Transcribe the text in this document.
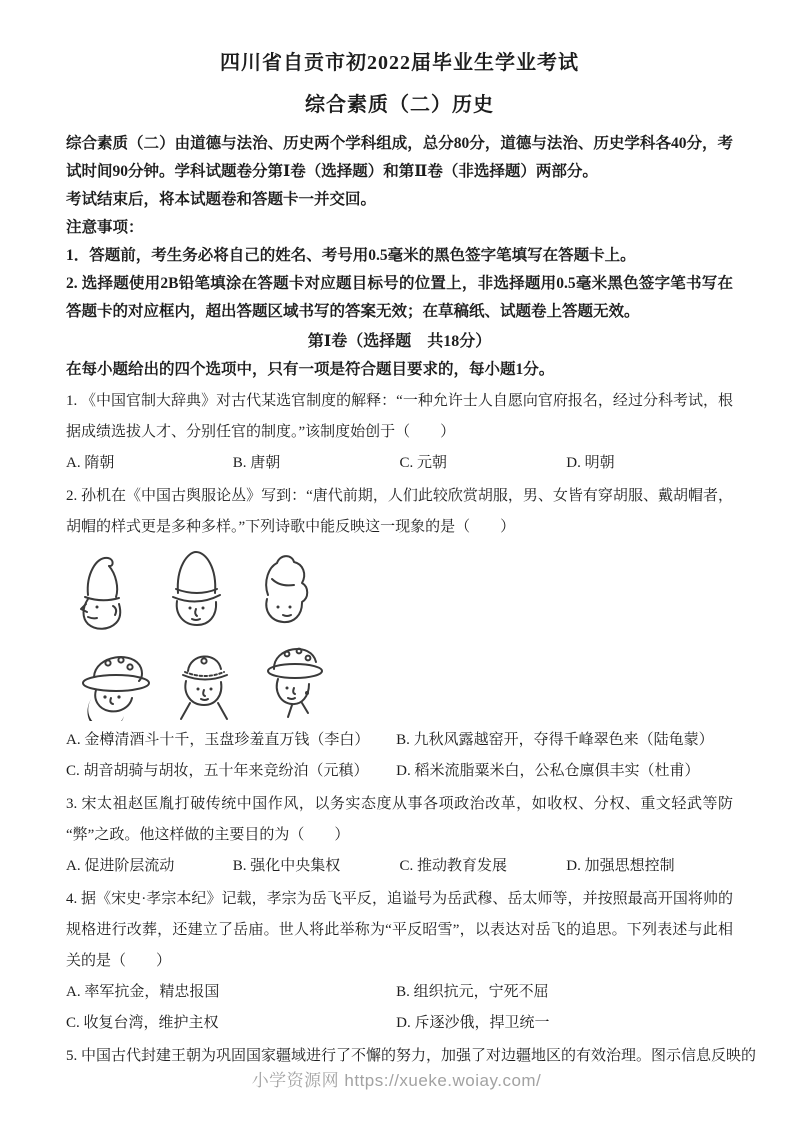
四川省自贡市初2022届毕业生学业考试
综合素质（二）历史

综合素质（二）由道德与法治、历史两个学科组成，总分80分，道德与法治、历史学科各40分，考试时间90分钟。学科试题卷分第Ⅰ卷（选择题）和第Ⅱ卷（非选择题）两部分。

考试结束后，将本试题卷和答题卡一并交回。

注意事项：

1．答题前，考生务必将自己的姓名、考号用0.5毫米的黑色签字笔填写在答题卡上。

2. 选择题使用2B铅笔填涂在答题卡对应题目标号的位置上，非选择题用0.5毫米黑色签字笔书写在答题卡的对应框内，超出答题区域书写的答案无效；在草稿纸、试题卷上答题无效。

第Ⅰ卷（选择题　共18分）

在每小题给出的四个选项中，只有一项是符合题目要求的，每小题1分。

1. 《中国官制大辞典》对古代某选官制度的解释：“一种允许士人自愿向官府报名，经过分科考试，根据成绩选拔人才、分别任官的制度。”该制度始创于（　　）

A. 隋朝	B. 唐朝	C. 元朝	D. 明朝

2. 孙机在《中国古舆服论丛》写到：“唐代前期，人们此较欣赏胡服，男、女皆有穿胡服、戴胡帽者，胡帽的样式更是多种多样。”下列诗歌中能反映这一现象的是（　　）

A. 金樽清酒斗十千，玉盘珍羞直万钱（李白）	B. 九秋风露越窑开，夺得千峰翠色来（陆龟蒙）
C. 胡音胡骑与胡妆，五十年来竞纷泊（元稹）	D. 稻米流脂粟米白，公私仓廪俱丰实（杜甫）

3. 宋太祖赵匡胤打破传统中国作风，以务实态度从事各项政治改革，如收权、分权、重文轻武等防“弊”之政。他这样做的主要目的为（　　）

A. 促进阶层流动	B. 强化中央集权	C. 推动教育发展	D. 加强思想控制

4. 据《宋史·孝宗本纪》记载，孝宗为岳飞平反，追谥号为岳武穆、岳太师等，并按照最高开国将帅的规格进行改葬，还建立了岳庙。世人将此举称为“平反昭雪”，以表达对岳飞的追思。下列表述与此相关的是（　　）

A. 率军抗金，精忠报国	B. 组织抗元，宁死不屈
C. 收复台湾，维护主权	D. 斥逐沙俄，捍卫统一

5. 中国古代封建王朝为巩固国家疆域进行了不懈的努力，加强了对边疆地区的有效治理。图示信息反映的

小学资源网 https://xueke.woiay.com/
